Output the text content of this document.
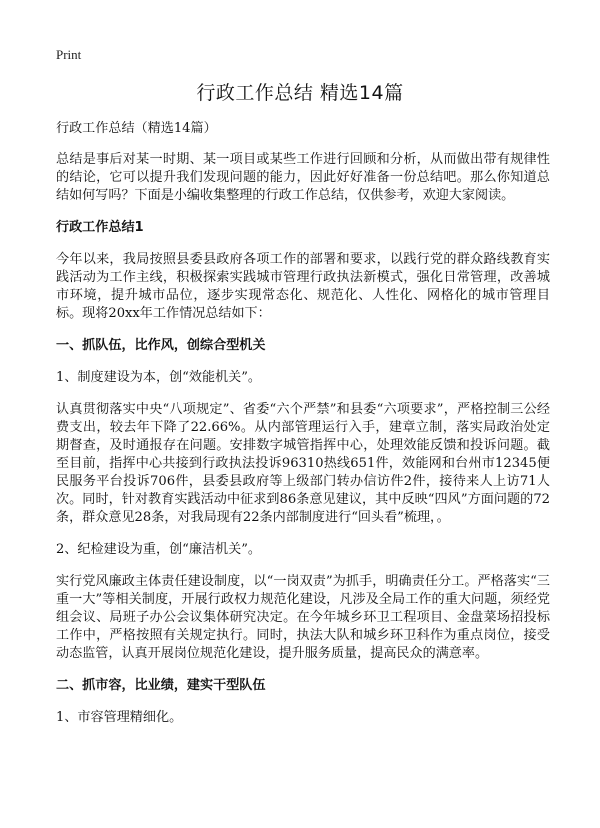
Print
行政工作总结 精选14篇

行政工作总结（精选14篇）

总结是事后对某一时期、某一项目或某些工作进行回顾和分析，从而做出带有规律性的结论，它可以提升我们发现问题的能力，因此好好准备一份总结吧。那么你知道总结如何写吗？下面是小编收集整理的行政工作总结，仅供参考，欢迎大家阅读。

行政工作总结1

今年以来，我局按照县委县政府各项工作的部署和要求，以践行党的群众路线教育实践活动为工作主线，积极探索实践城市管理行政执法新模式，强化日常管理，改善城市环境，提升城市品位，逐步实现常态化、规范化、人性化、网格化的城市管理目标。现将20xx年工作情况总结如下：

一、抓队伍，比作风，创综合型机关

1、制度建设为本，创“效能机关”。

认真贯彻落实中央“八项规定”、省委“六个严禁”和县委“六项要求”，严格控制三公经费支出，较去年下降了22.66%。从内部管理运行入手，建章立制，落实局政治处定期督查，及时通报存在问题。安排数字城管指挥中心，处理效能反馈和投诉问题。截至目前，指挥中心共接到行政执法投诉96310热线651件，效能网和台州市12345便民服务平台投诉706件，县委县政府等上级部门转办信访件2件，接待来人上访71人次。同时，针对教育实践活动中征求到86条意见建议，其中反映“四风”方面问题的72条，群众意见28条，对我局现有22条内部制度进行“回头看”梳理，。

2、纪检建设为重，创“廉洁机关”。

实行党风廉政主体责任建设制度，以“一岗双责”为抓手，明确责任分工。严格落实“三重一大”等相关制度，开展行政权力规范化建设，凡涉及全局工作的重大问题，须经党组会议、局班子办公会议集体研究决定。在今年城乡环卫工程项目、金盘菜场招投标工作中，严格按照有关规定执行。同时，执法大队和城乡环卫科作为重点岗位，接受动态监管，认真开展岗位规范化建设，提升服务质量，提高民众的满意率。

二、抓市容，比业绩，建实干型队伍

1、市容管理精细化。
